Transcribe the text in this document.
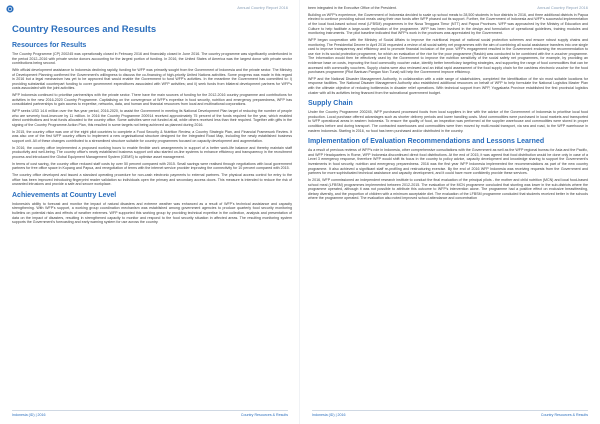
Annual Country Report 2016
Country Resources and Results
Resources for Results

The Country Programme (CP) 200245 was operationally closed in February 2016 and financially closed in June 2016. The country programme was significantly underfunded in the period 2012–2016 with private sector donors accounting for the largest portion of funding. In 2016, the United States of America was the largest donor with private sector contributions being second.

With official development assistance to Indonesia declining rapidly, funding for WFP was primarily sought from the Government of Indonesia and the private sector. The Ministry of Development Planning confirmed the Government's willingness to discuss the co-financing of high-priority United Nations activities. Some progress was made in this regard in 2016 but a legal mechanism has yet to be approved that would enable the Government to fund WFP's activities. In the meantime the Government has committed to: i) providing substantial counterpart funding to cover government expenditures associated with WFP activities; and ii) seek funds from bilateral development partners for WFP's costs associated with the joint activities.

WFP Indonesia continued to prioritise partnerships with the private sector. There have the main sources of funding for the 2012-2016 country programme and contributions for activities in the new 2016-2020 Country Programme. Capitalising on the convergence of WFP's expertise in food security, nutrition and emergency preparedness, WFP has consolidated partnerships to gain access to expertise, networks, data, and human and financial resources from local and multinational corporations.

WFP seeks USD 14.6 million over the five-year period, 2016-2020, to assist the Government in meeting its National Development Plan target of reducing the number of people who are severely food-insecure by 11 million. In 2016 the Country Programme 200914 received approximately 75 percent of the funds required for the year, which enabled direct contributions and trust funds allocated to the country office. Some activities were not funded at all, while others received less than their required. Together with gifts in the signing of the Country Programme Action Plan, this resulted in some targets not being achieved as planned during 2016.

In 2015, the country office was one of the eight pilot countries to complete a Food Security & Nutrition Review, a Country Strategic Plan, and Financial Framework Review. It was also one of the first WFP country offices to implement a new organisational structure designed for the Integrated Road Map, including the newly established business support unit. All of these changes contributed to a streamlined structure suitable for country programmes focused on capacity development and augmentation.

In 2016, the country office implemented a proposed working hours to enable flexible work arrangements in support of a better work-life balance and thereby maintain staff productivity and well-being. The country office's newly established business support unit also started on-line systems to enhance efficiency and transparency in the recruitment process and introduced the Global Equipment Management System (GEMS) to optimise asset management.

In terms of cost saving, the country office reduced staff costs by over 50 percent compared with 2015. Small savings were realised through negotiations with local government partners for free office space in Kupang and Papua, and renegotiation of terms with the internet service provider improving the connectivity for 10 percent compared with 2015.

The country office developed and issued a standard operating procedure for non-cash electronic payments to external partners. The physical access control for entry to the office has been improved introducing fingerprint reader validation so individuals open the primary and secondary access doors. This measure is intended to reduce the risk of unwanted intrusions and provide a safe and secure workplace.

Achievements at Country Level

Indonesia's ability to forecast and monitor the impact of natural disasters and extreme weather was enhanced as a result of WFP's technical assistance and capacity strengthening. With WFP's support, a working group coordination mechanism was established among government agencies to produce quarterly food security monitoring bulletins on potential risks and effects of weather extremes. WFP supported this working group by providing technical expertise in the collection, analysis and presentation of data on the impact of disasters, resulting in strengthened capacity to monitor and respond to the food security situation in affected areas. The resulting monitoring system supports the Government's forecasting and early warning system for use across the country.

Indonesia (ID) | 2016	Country Resources & Results
Annual Country Report 2016

been integrated in the Executive Office of the President.

Building on WFP's experience, the Government of Indonesia decided to scale up school meals to 28,500 students in four districts in 2016, and three additional districts in Papua elected to continue providing school meals using their own funds after WFP phased out its support. Further, the Government of Indonesia and WFP's successful implementation of the local food-based school meal (LFBSM) programmes in the Nusa Tenggara Timur (NTT) and Papua Provinces. WFP was approached by the Ministry of Education and Culture to help facilitate a large-scale replication of the programme. WFP has been involved in the design and formulation of operational guidelines, training modules and monitoring instruments. The pilot baseline indicated that WFP's work in the provinces was appreciated by the Government.

WFP began cooperation with the Ministry of Social Affairs to improve the nutritional impact of national social protection schemes and ensure robust supply chains and monitoring. The Presidential Decree in April 2016 requested a review of all social safety net programmes with the aim of combining all social assistance transfers into one single card to improve transparency and efficiency and to promote financial inclusion of the poor. WFP's engagement resulted in the Government endorsing the recommendation to use rice in its social protection programme, for which an evaluation of the rice for the poor programme (Raskin) was conducted to be combined with the e-voucher programme. The information would then be effectively used by the Government to improve the nutrition sensitivity of the social safety net programmes, for example, by providing an evidence base on costs, improving the food commodity voucher value, identify better beneficiary targeting strategies, and supporting the range of food commodities that can be accessed with commodity vouchers. Supply chains were also reviewed and an initial rapid assessment of the food supply chain for the cashless electronic voucher for the food purchases programme (Pilot Bantuan Pangan Non Tunai) will help the Government improve efficiency.

WFP and the National Disaster Management Authority, in collaboration with a wide range of stakeholders, completed the identification of the six most suitable locations for response facilities. The National Disaster Management Authority also established additional resources on behalf of WFP to help formulate the National Logistics Master Plan with the ultimate objective of reducing bottlenecks in disaster relief operations. With technical support from WFP, Yogyakarta Province established the first provincial logistics cluster with all its activities being financed from the subnational government budget.

Supply Chain

Under the Country Programme 200245, WFP purchased processed foods from local suppliers in line with the advice of the Government of Indonesia to prioritise local food production. Local purchase offered advantages such as shorter delivery periods and lower handling costs. Most commodities were purchased in local markets and transported to WFP operational areas in eastern Indonesia. To ensure the quality of food, an inspection was performed at the supplier warehouse and commodities were stored in proper conditions before and during transport. The contracted warehouses and commodities were then moved by multi-modal transport, via sea and road, to the WFP warehouse in eastern Indonesia. Starting in 2016, no food has been purchased and/or distributed in the country.

Implementation of Evaluation Recommendations and Lessons Learned

As a result of previous reviews of WFP's role in Indonesia, other comprehensive consultations with the Government as well as the WFP regional bureau for Asia and the Pacific, and WFP Headquarters in Rome, WFP Indonesia discontinued direct food distributions. At the end of 2015, it was agreed that food distribution would be done only in case of a Level 3 emergency response, therefore WFP would shift its focus in the country to policy advice, capacity development and knowledge sharing to support the Government's investments in food security, nutrition and emergency preparedness. 2016 was the first year WFP Indonesia implemented the recommendations as part of the new country programme. It also achieved a significant staff re-profiling and restructuring exercise. By the end of 2016 WFP Indonesia was receiving requests from the Government and partners for more sophisticated technical assistance and capacity development, and it could have more confidently provide these services.

In 2016, WFP commissioned an independent research institute to conduct the final evaluation of the principal pilots - the mother and child nutrition (MCN) and local food-based school meal (LFBSM) programmes implemented between 2012-2015. The evaluation of the MCN programme concluded that stunting was lower in the sub-districts where the programme operated, although it was not possible to attribute this outcome to WFP's intervention alone. The programme had a positive effect on exclusive breastfeeding, dietary diversity, and the proportion of children with a minimum acceptable diet. The evaluation of the LFBSM programme concluded that students received better in the schools where the programme operated. The evaluation also noted improved school attendance and concentration

Indonesia (ID) | 2016	Country Resources & Results
